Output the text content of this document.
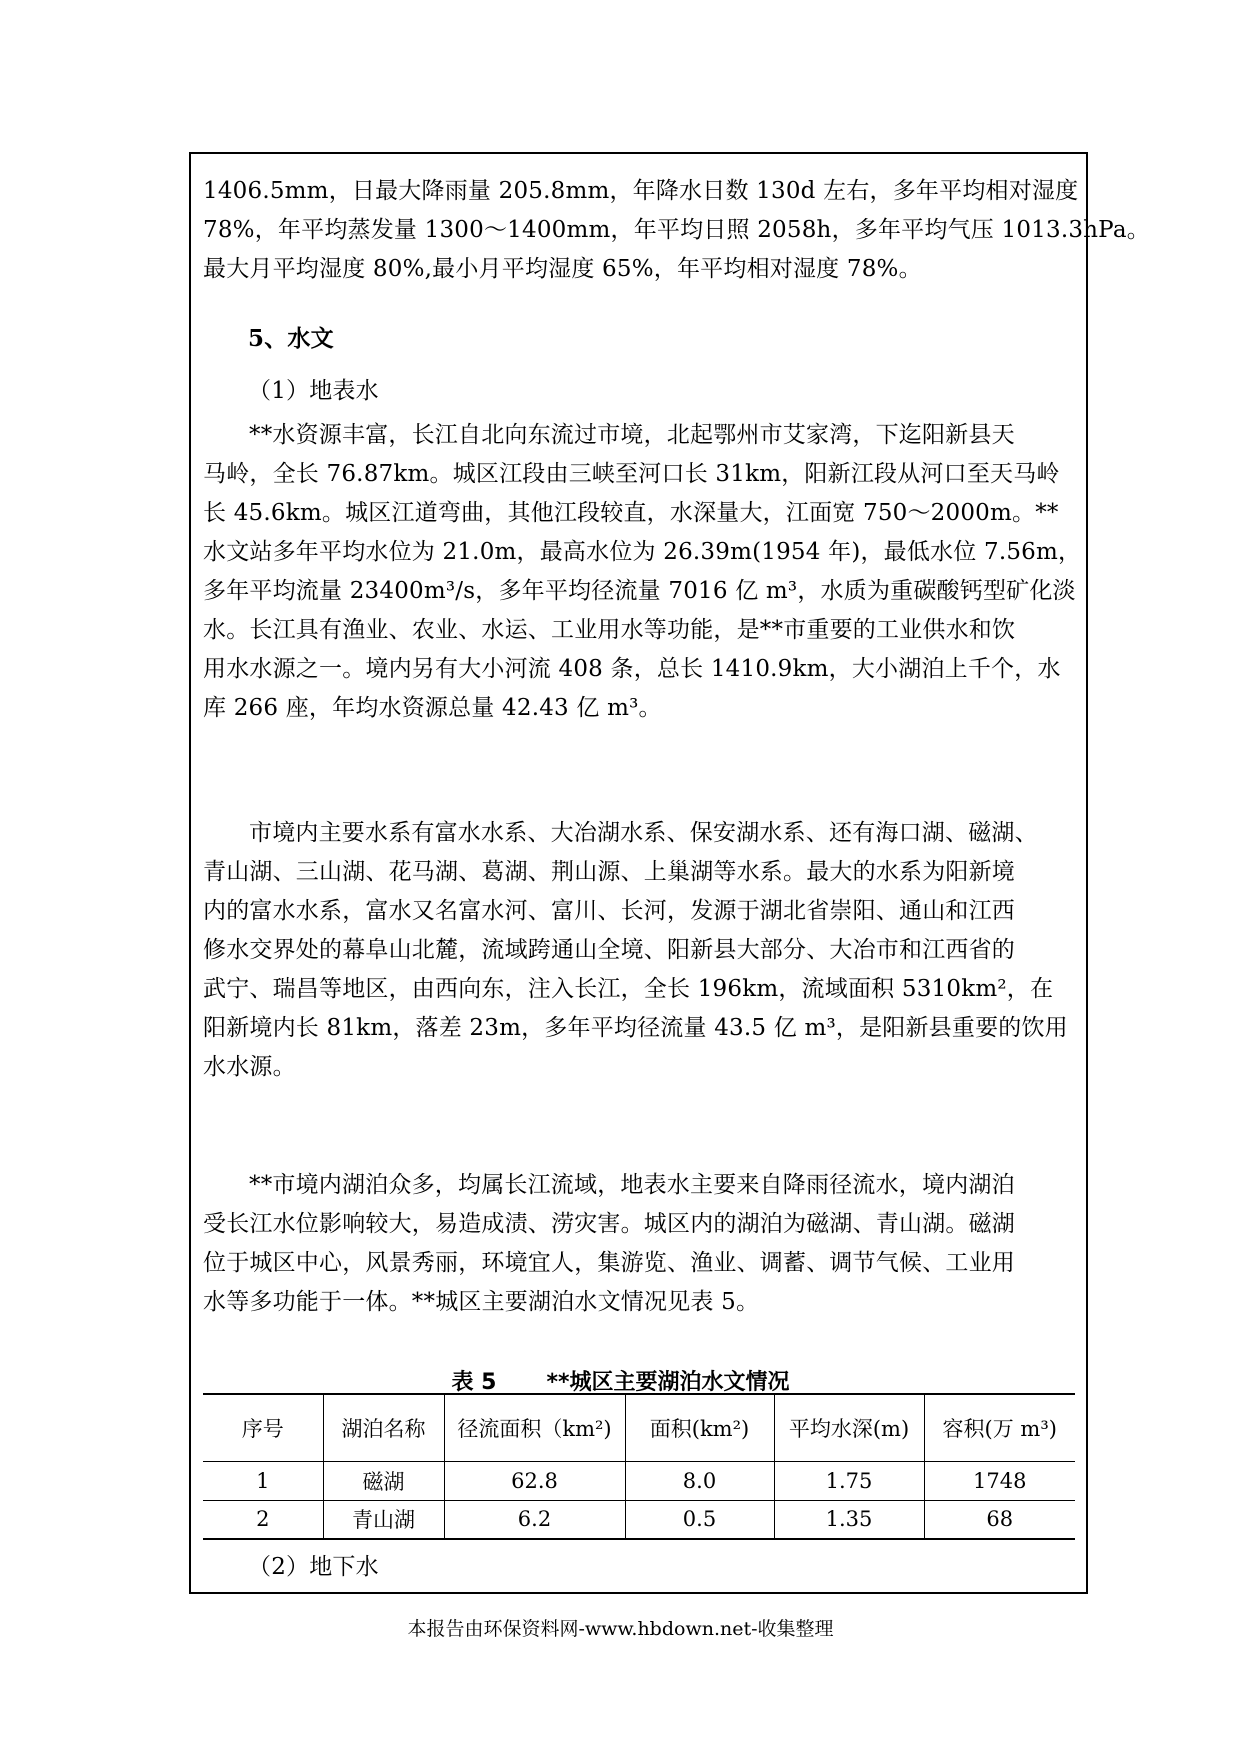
1406.5mm，日最大降雨量 205.8mm，年降水日数 130d 左右，多年平均相对湿度
78%，年平均蒸发量 1300～1400mm，年平均日照 2058h，多年平均气压 1013.3hPa。
最大月平均湿度 80%,最小月平均湿度 65%，年平均相对湿度 78%。
5、水文
（1）地表水
**水资源丰富，长江自北向东流过市境，北起鄂州市艾家湾，下迄阳新县天
马岭，全长 76.87km。城区江段由三峡至河口长 31km，阳新江段从河口至天马岭
长 45.6km。城区江道弯曲，其他江段较直，水深量大，江面宽 750～2000m。**
水文站多年平均水位为 21.0m，最高水位为 26.39m(1954 年)，最低水位 7.56m，
多年平均流量 23400m³/s，多年平均径流量 7016 亿 m³，水质为重碳酸钙型矿化淡
水。长江具有渔业、农业、水运、工业用水等功能，是**市重要的工业供水和饮
用水水源之一。境内另有大小河流 408 条，总长 1410.9km，大小湖泊上千个，水
库 266 座，年均水资源总量 42.43 亿 m³。
市境内主要水系有富水水系、大冶湖水系、保安湖水系、还有海口湖、磁湖、
青山湖、三山湖、花马湖、葛湖、荆山源、上巢湖等水系。最大的水系为阳新境
内的富水水系，富水又名富水河、富川、长河，发源于湖北省崇阳、通山和江西
修水交界处的幕阜山北麓，流域跨通山全境、阳新县大部分、大冶市和江西省的
武宁、瑞昌等地区，由西向东，注入长江，全长 196km，流域面积 5310km²，在
阳新境内长 81km，落差 23m，多年平均径流量 43.5 亿 m³，是阳新县重要的饮用
水水源。
**市境内湖泊众多，均属长江流域，地表水主要来自降雨径流水，境内湖泊
受长江水位影响较大，易造成渍、涝灾害。城区内的湖泊为磁湖、青山湖。磁湖
位于城区中心，风景秀丽，环境宜人，集游览、渔业、调蓄、调节气候、工业用
水等多功能于一体。**城区主要湖泊水文情况见表 5。
表 5 **城区主要湖泊水文情况
序号	湖泊名称	径流面积（km²)	面积(km²)	平均水深(m)	容积(万 m³)
1	磁湖	62.8	8.0	1.75	1748
2	青山湖	6.2	0.5	1.35	68
（2）地下水
本报告由环保资料网-www.hbdown.net-收集整理
